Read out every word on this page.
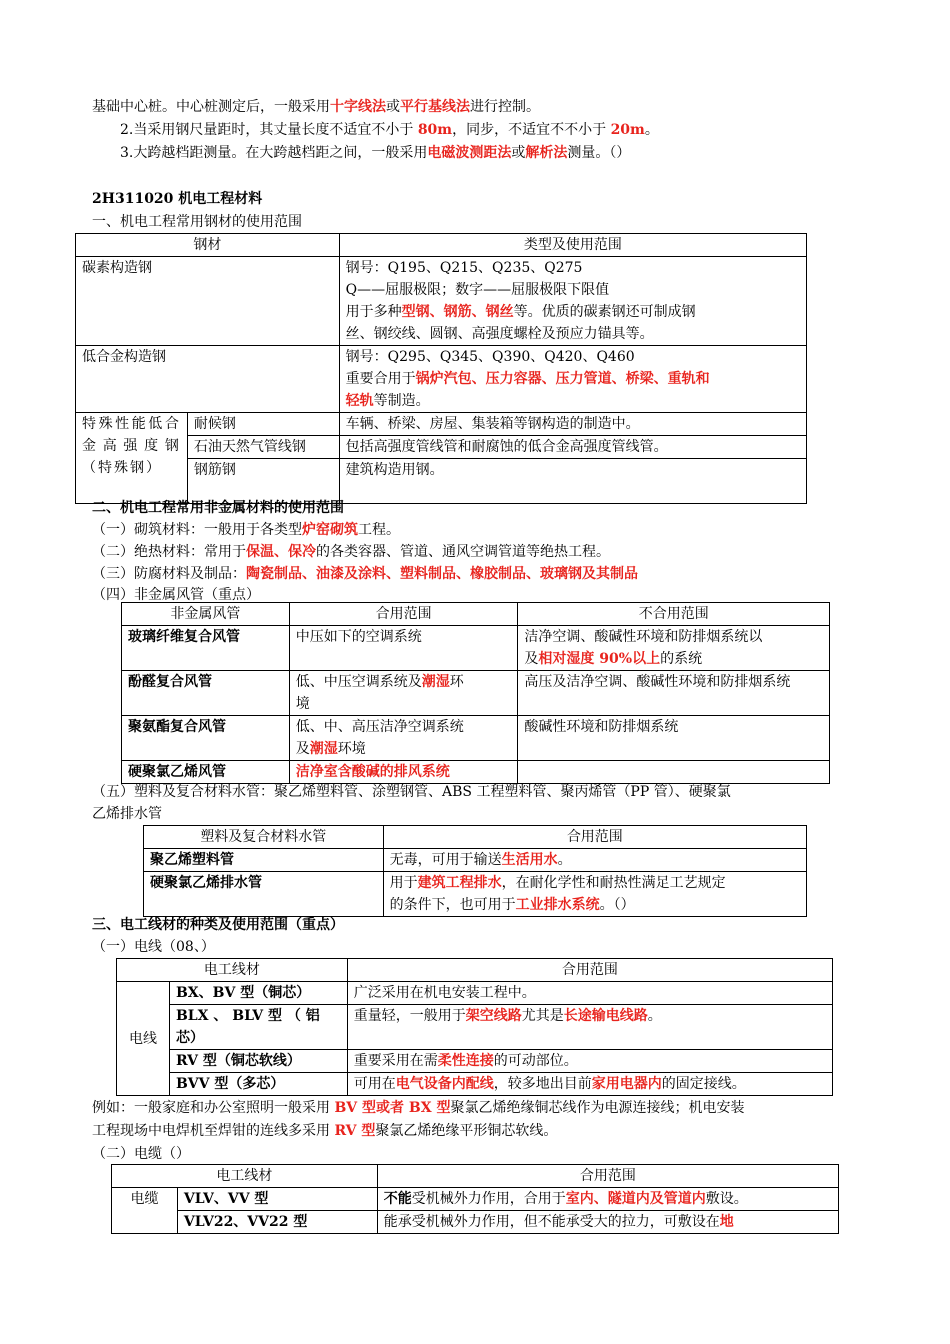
基础中心桩。中心桩测定后，一般采用十字线法或平行基线法进行控制。
2.当采用钢尺量距时，其丈量长度不适宜不小于 80m，同步，不适宜不不小于 20m。
3.大跨越档距测量。在大跨越档距之间，一般采用电磁波测距法或解析法测量。（）
2H311020 机电工程材料
一、机电工程常用钢材的使用范围
钢材		类型及使用范围
碳素构造钢		钢号：Q195、Q215、Q235、Q275
Q——屈服极限；数字——屈服极限下限值
用于多种型钢、钢筋、钢丝等。优质的碳素钢还可制成钢
丝、钢绞线、圆钢、高强度螺栓及预应力锚具等。

低合金构造钢		钢号：Q295、Q345、Q390、Q420、Q460
重要合用于锅炉汽包、压力容器、压力管道、桥梁、重轨和
轻轨等制造。

特殊性能低合金高强度钢（特殊钢）	耐候钢	车辆、桥梁、房屋、集装箱等钢构造的制造中。
	石油天然气管线钢	包括高强度管线管和耐腐蚀的低合金高强度管线管。
	钢筋钢	建筑构造用钢。
二、机电工程常用非金属材料的使用范围
（一）砌筑材料：一般用于各类型炉窑砌筑工程。
（二）绝热材料：常用于保温、保冷的各类容器、管道、通风空调管道等绝热工程。
（三）防腐材料及制品：陶瓷制品、油漆及涂料、塑料制品、橡胶制品、玻璃钢及其制品
（四）非金属风管（重点）
非金属风管	合用范围	不合用范围
玻璃纤维复合风管	中压如下的空调系统	洁净空调、酸碱性环境和防排烟系统以
及相对湿度 90%以上的系统

酚醛复合风管	低、中压空调系统及潮湿环
境	高压及洁净空调、酸碱性环境和防排烟系统
聚氨酯复合风管	低、中、高压洁净空调系统
及潮湿环境	酸碱性环境和防排烟系统
硬聚氯乙烯风管	洁净室含酸碱的排风系统	
（五）塑料及复合材料水管：聚乙烯塑料管、涂塑钢管、ABS 工程塑料管、聚丙烯管（PP 管）、硬聚氯
乙烯排水管
塑料及复合材料水管	合用范围
聚乙烯塑料管	无毒，可用于输送生活用水。
硬聚氯乙烯排水管	用于建筑工程排水，在耐化学性和耐热性满足工艺规定
的条件下，也可用于工业排水系统。（）
三、电工线材的种类及使用范围（重点）
（一）电线（08、）
电工线材		合用范围
电线	BX、BV 型（铜芯）	广泛采用在机电安装工程中。

	BLX 、 BLV 型 （ 铝
芯）	重量轻，一般用于架空线路尤其是长途输电线路。
	RV 型（铜芯软线）	重要采用在需柔性连接的可动部位。
	BVV 型（多芯）	可用在电气设备内配线，较多地出目前家用电器内的固定接线。
例如：一般家庭和办公室照明一般采用 BV 型或者 BX 型聚氯乙烯绝缘铜芯线作为电源连接线；机电安装
工程现场中电焊机至焊钳的连线多采用 RV 型聚氯乙烯绝缘平形铜芯软线。
（二）电缆（）
电工线材		合用范围
电缆	VLV、VV 型	不能受机械外力作用，合用于室内、隧道内及管道内敷设。
	VLV22、VV22 型	能承受机械外力作用，但不能承受大的拉力，可敷设在地
